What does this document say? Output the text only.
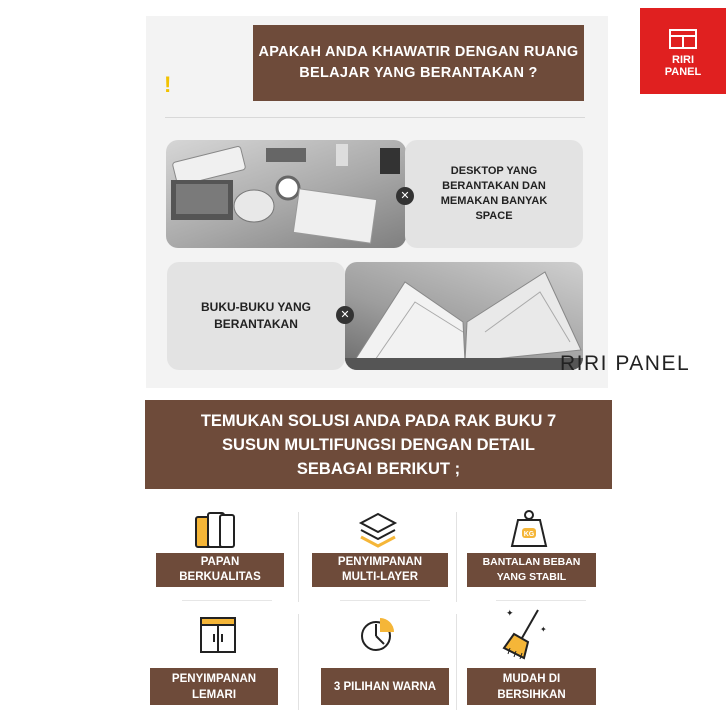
APAKAH ANDA KHAWATIR DENGAN RUANG BELAJAR YANG BERANTAKAN ?
!
DESKTOP YANG BERANTAKAN DAN MEMAKAN BANYAK SPACE
✕
BUKU-BUKU YANG BERANTAKAN
✕
RIRI
PANEL
RIRI PANEL
TEMUKAN SOLUSI ANDA PADA RAK BUKU 7 SUSUN MULTIFUNGSI DENGAN DETAIL SEBAGAI BERIKUT ;
PAPAN BERKUALITAS
PENYIMPANAN MULTI-LAYER
KG
BANTALAN BEBAN YANG STABIL
PENYIMPANAN LEMARI
3 PILIHAN WARNA
✦
✦
MUDAH DI BERSIHKAN
